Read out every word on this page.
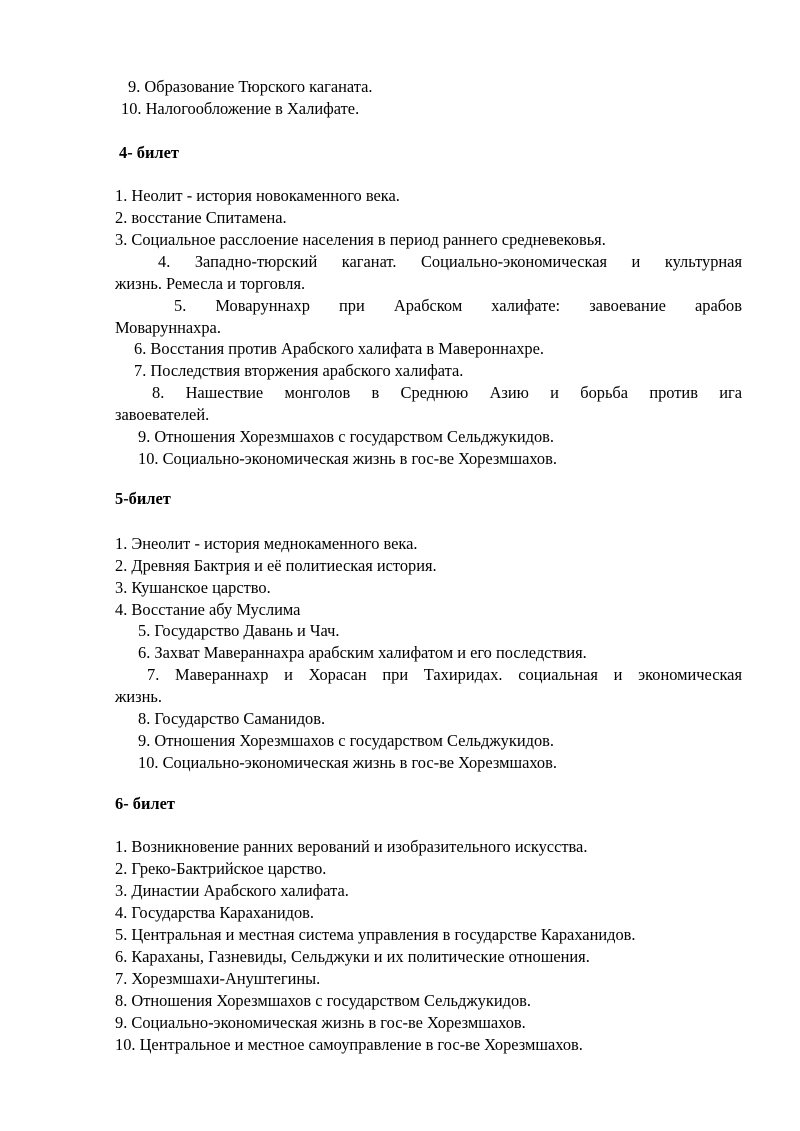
9. Образование Тюрского каганата.
10. Налогообложение в Халифате.
4- билет
1. Неолит - история новокаменного века.
2. восстание Спитамена.
3. Социальное расслоение населения в период раннего средневековья.
4. Западно-тюрский каганат. Социально-экономическая и культурная
жизнь. Ремесла и торговля.
5. Моваруннахр при Арабском халифате: завоевание арабов
Моваруннахра.
6. Восстания против Арабского халифата в Мавероннахре.
7. Последствия вторжения арабского халифата.
8. Нашествие монголов в Среднюю Азию и борьба против ига
завоевателей.
9. Отношения Хорезмшахов с государством Сельджукидов.
10. Социально-экономическая жизнь в гос-ве Хорезмшахов.
5-билет
1. Энеолит - история меднокаменного века.
2. Древняя Бактрия и её политиеская история.
3. Кушанское царство.
4. Восстание абу Муслима
5. Государство Давань и Чач.
6. Захват Мавераннахра арабским халифатом и его последствия.
7. Мавераннахр и Хорасан при Тахиридах. социальная и экономическая
жизнь.
8. Государство Саманидов.
9. Отношения Хорезмшахов с государством Сельджукидов.
10. Социально-экономическая жизнь в гос-ве Хорезмшахов.
6- билет
1. Возникновение ранних верований и изобразительного искусства.
2. Греко-Бактрийское царство.
3. Династии Арабского халифата.
4. Государства Караханидов.
5. Центральная и местная система управления в государстве Караханидов.
6. Караханы, Газневиды, Сельджуки и их политические отношения.
7. Хорезмшахи-Ануштегины.
8. Отношения Хорезмшахов с государством Сельджукидов.
9. Социально-экономическая жизнь в гос-ве Хорезмшахов.
10. Центральное и местное самоуправление в гос-ве Хорезмшахов.
